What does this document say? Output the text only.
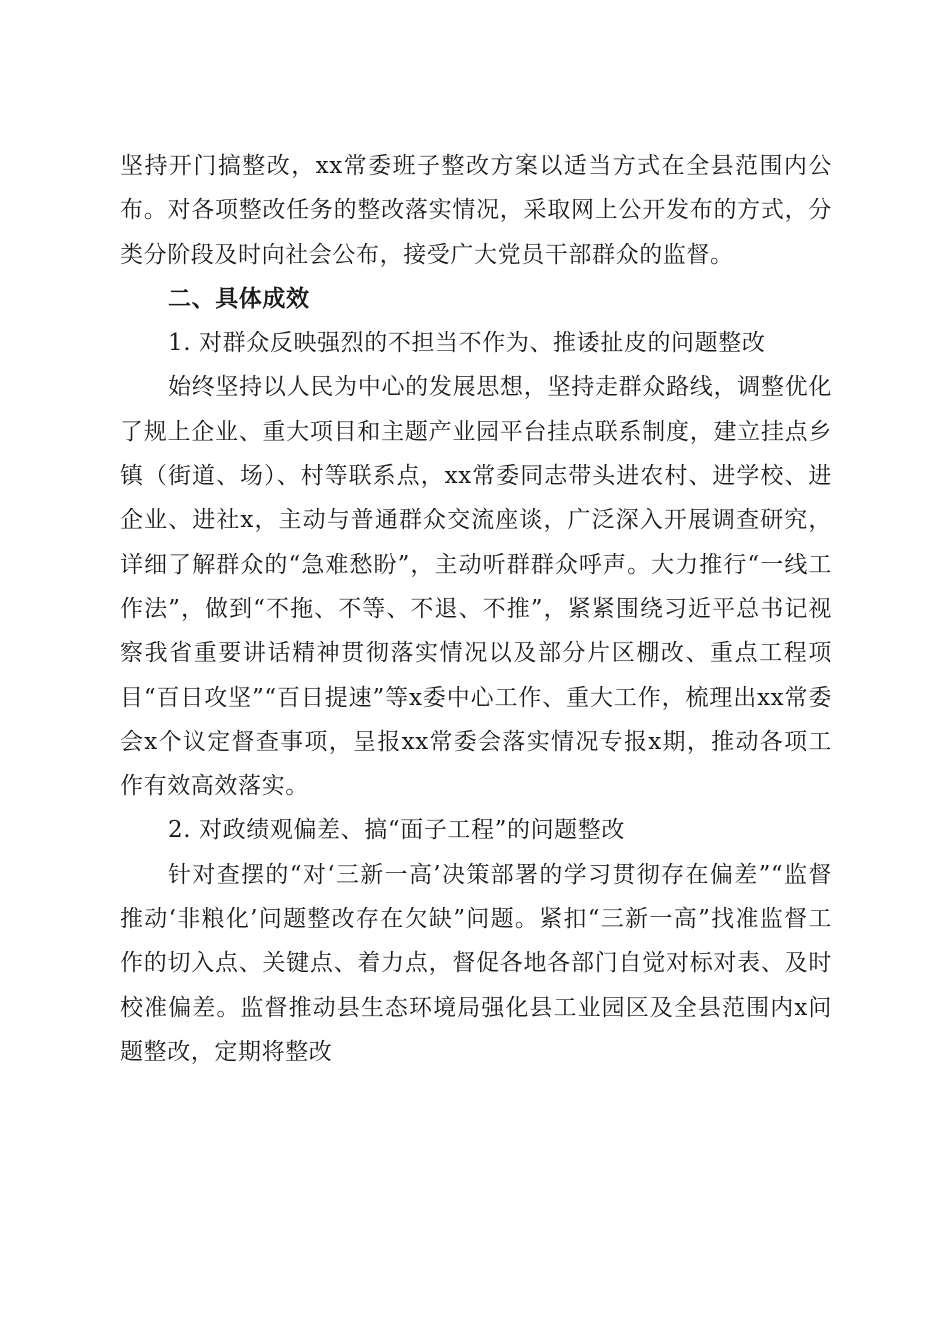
坚持开门搞整改，xx常委班子整改方案以适当方式在全县范围内公布。对各项整改任务的整改落实情况，采取网上公开发布的方式，分类分阶段及时向社会公布，接受广大党员干部群众的监督。

二、具体成效

1. 对群众反映强烈的不担当不作为、推诿扯皮的问题整改

始终坚持以人民为中心的发展思想，坚持走群众路线，调整优化了规上企业、重大项目和主题产业园平台挂点联系制度，建立挂点乡镇（街道、场）、村等联系点，xx常委同志带头进农村、进学校、进企业、进社x，主动与普通群众交流座谈，广泛深入开展调查研究，详细了解群众的“急难愁盼”，主动听群群众呼声。大力推行“一线工作法”，做到“不拖、不等、不退、不推”，紧紧围绕习近平总书记视察我省重要讲话精神贯彻落实情况以及部分片区棚改、重点工程项目“百日攻坚”“百日提速”等x委中心工作、重大工作，梳理出xx常委会x个议定督查事项，呈报xx常委会落实情况专报x期，推动各项工作有效高效落实。

2. 对政绩观偏差、搞“面子工程”的问题整改

针对查摆的“对‘三新一高’决策部署的学习贯彻存在偏差”“监督推动‘非粮化’问题整改存在欠缺”问题。紧扣“三新一高”找准监督工作的切入点、关键点、着力点，督促各地各部门自觉对标对表、及时校准偏差。监督推动县生态环境局强化县工业园区及全县范围内x问题整改，定期将整改
